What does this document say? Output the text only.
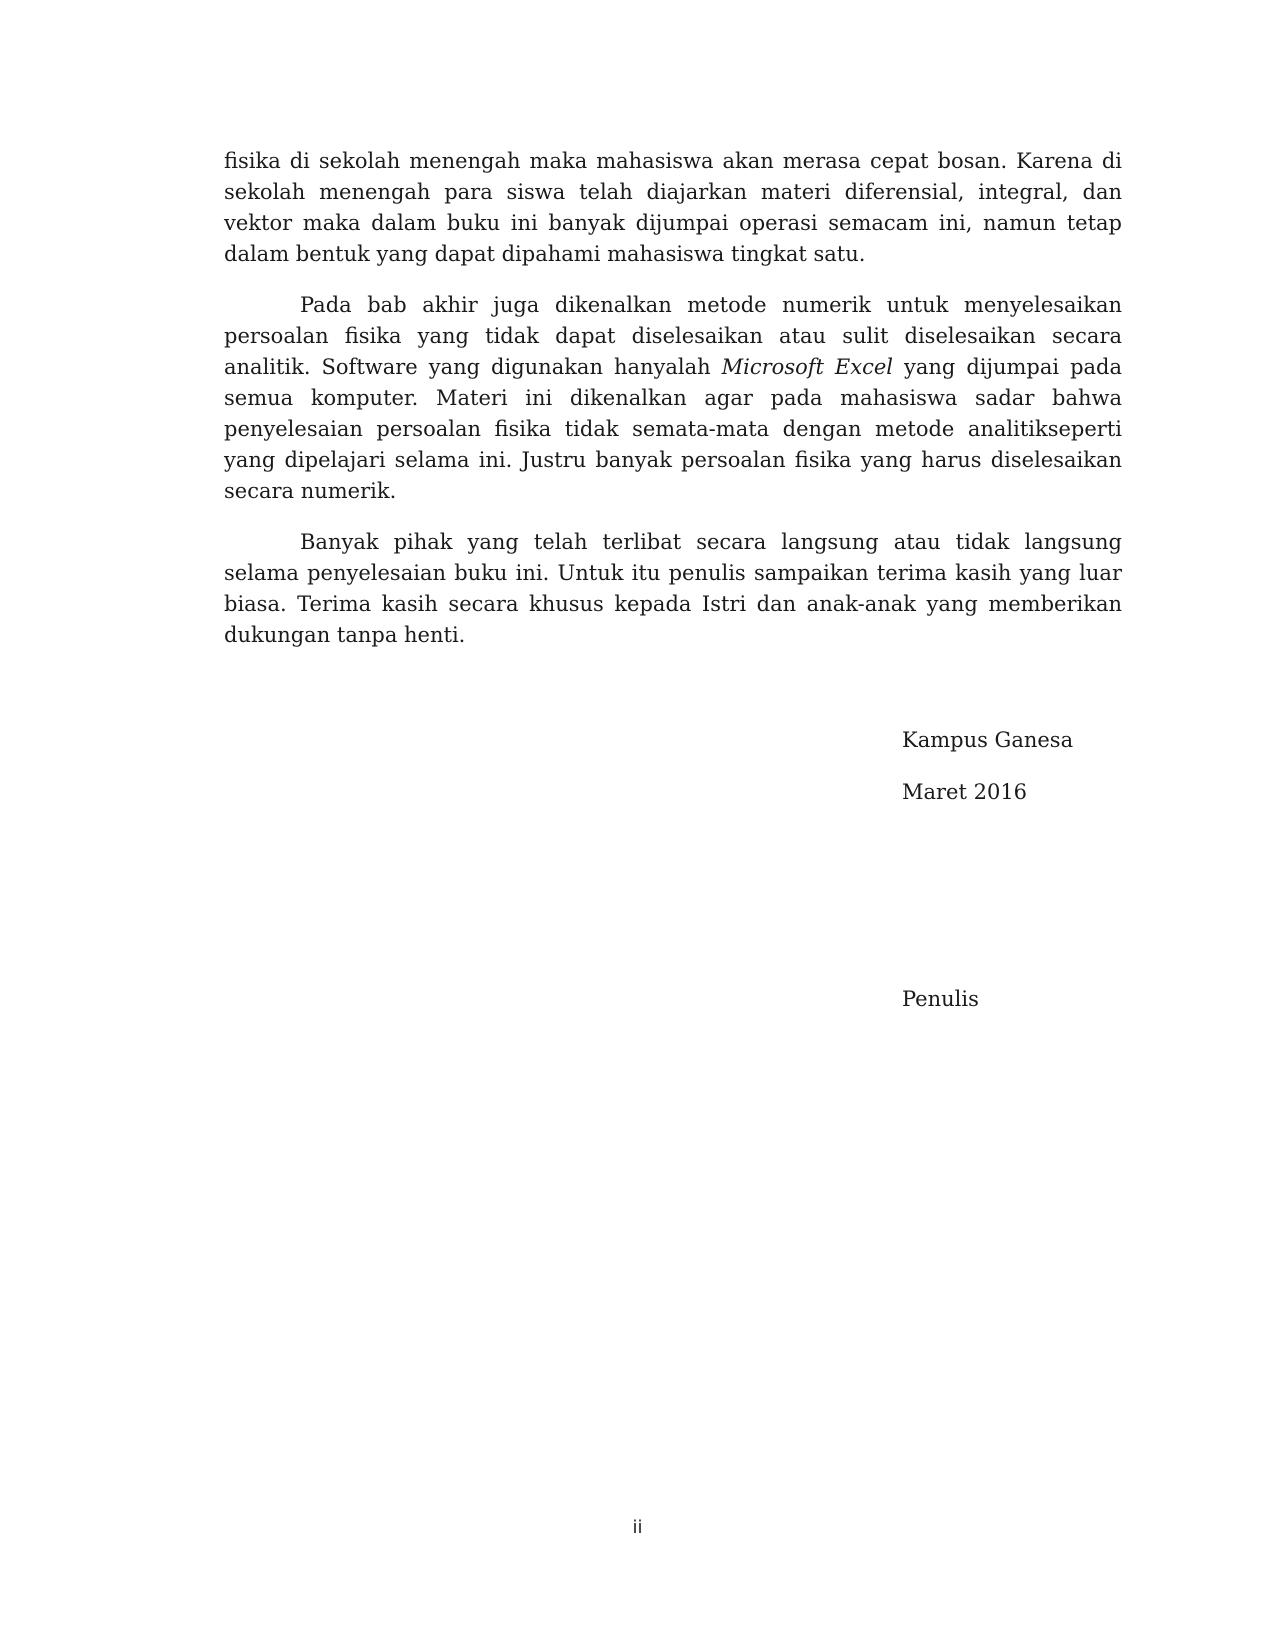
fisika di sekolah menengah maka mahasiswa akan merasa cepat bosan. Karena di sekolah menengah para siswa telah diajarkan materi diferensial, integral, dan vektor maka dalam buku ini banyak dijumpai operasi semacam ini, namun tetap dalam bentuk yang dapat dipahami mahasiswa tingkat satu.

Pada bab akhir juga dikenalkan metode numerik untuk menyelesaikan persoalan fisika yang tidak dapat diselesaikan atau sulit diselesaikan secara analitik. Software yang digunakan hanyalah Microsoft Excel yang dijumpai pada semua komputer. Materi ini dikenalkan agar pada mahasiswa sadar bahwa penyelesaian persoalan fisika tidak semata-mata dengan metode analitikseperti yang dipelajari selama ini. Justru banyak persoalan fisika yang harus diselesaikan secara numerik.

Banyak pihak yang telah terlibat secara langsung atau tidak langsung selama penyelesaian buku ini. Untuk itu penulis sampaikan terima kasih yang luar biasa. Terima kasih secara khusus kepada Istri dan anak-anak yang memberikan dukungan tanpa henti.

Kampus Ganesa
Maret 2016
Penulis
ii
